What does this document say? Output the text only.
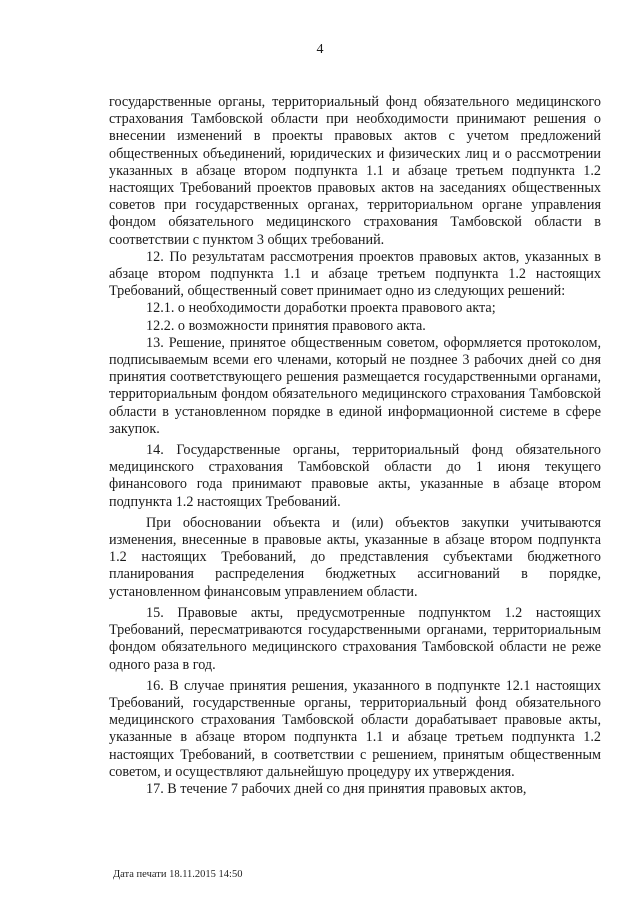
4

государственные органы, территориальный фонд обязательного медицинского страхования Тамбовской области при необходимости принимают решения о внесении изменений в проекты правовых актов с учетом предложений общественных объединений, юридических и физических лиц и о рассмотрении указанных в абзаце втором подпункта 1.1 и абзаце третьем подпункта 1.2 настоящих Требований проектов правовых актов на заседаниях общественных советов при государственных органах, территориальном органе управления фондом обязательного медицинского страхования Тамбовской области в соответствии с пунктом 3 общих требований.

12. По результатам рассмотрения проектов правовых актов, указанных в абзаце втором подпункта 1.1 и абзаце третьем подпункта 1.2 настоящих Требований, общественный совет принимает одно из следующих решений:

12.1. о необходимости доработки проекта правового акта;

12.2. о возможности принятия правового акта.

13. Решение, принятое общественным советом, оформляется протоколом, подписываемым всеми его членами, который не позднее 3 рабочих дней со дня принятия соответствующего решения размещается государственными органами, территориальным фондом обязательного медицинского страхования Тамбовской области в установленном порядке в единой информационной системе в сфере закупок.

14. Государственные органы, территориальный фонд обязательного медицинского страхования Тамбовской области до 1 июня текущего финансового года принимают правовые акты, указанные в абзаце втором подпункта 1.2 настоящих Требований.

При обосновании объекта и (или) объектов закупки учитываются изменения, внесенные в правовые акты, указанные в абзаце втором подпункта 1.2 настоящих Требований, до представления субъектами бюджетного планирования распределения бюджетных ассигнований в порядке, установленном финансовым управлением области.

15. Правовые акты, предусмотренные подпунктом 1.2 настоящих Требований, пересматриваются государственными органами, территориальным фондом обязательного медицинского страхования Тамбовской области не реже одного раза в год.

16. В случае принятия решения, указанного в подпункте 12.1 настоящих Требований, государственные органы, территориальный фонд обязательного медицинского страхования Тамбовской области дорабатывает правовые акты, указанные в абзаце втором подпункта 1.1 и абзаце третьем подпункта 1.2 настоящих Требований, в соответствии с решением, принятым общественным советом, и осуществляют дальнейшую процедуру их утверждения.

17. В течение 7 рабочих дней со дня принятия правовых актов,

Дата печати 18.11.2015 14:50
